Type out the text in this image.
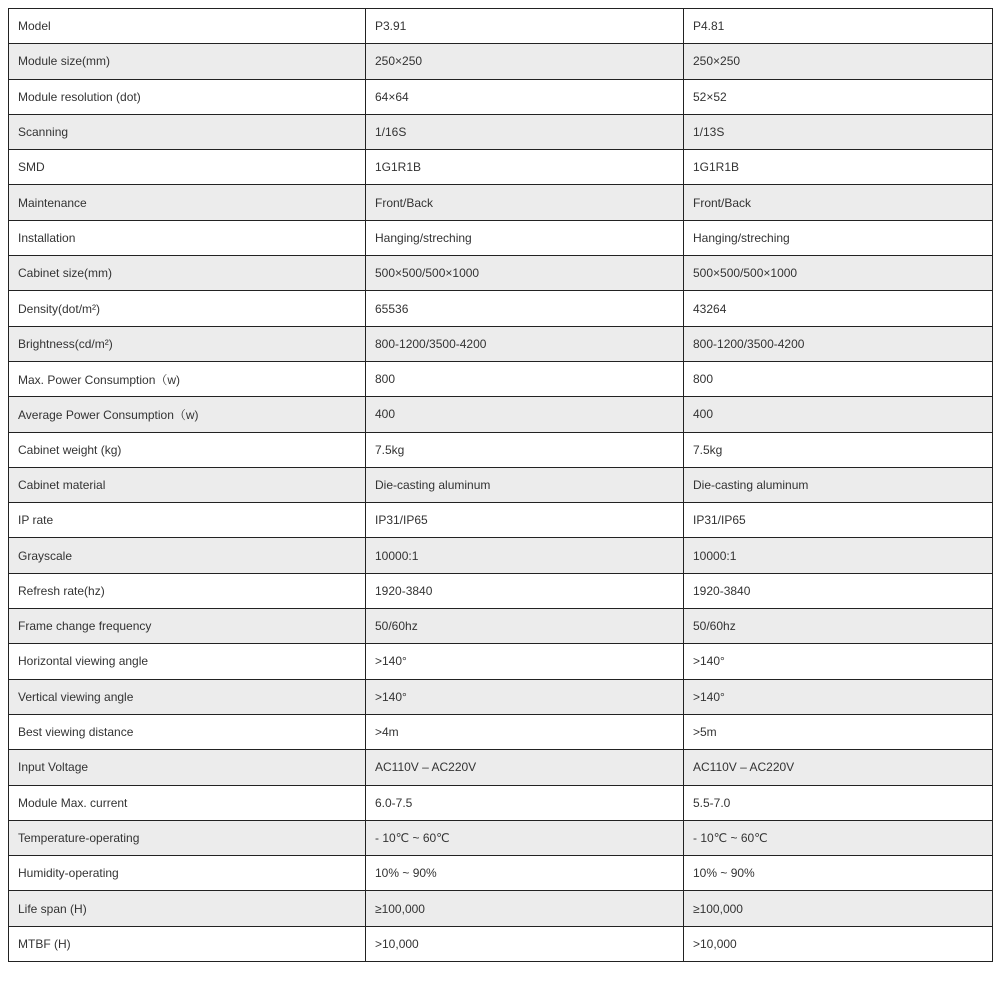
Model	P3.91	P4.81
Module size(mm)	250×250	250×250
Module resolution (dot)	64×64	52×52
Scanning	1/16S	1/13S
SMD	1G1R1B	1G1R1B
Maintenance	Front/Back	Front/Back
Installation	Hanging/streching	Hanging/streching
Cabinet size(mm)	500×500/500×1000	500×500/500×1000
Density(dot/m²)	65536	43264
Brightness(cd/m²)	800-1200/3500-4200	800-1200/3500-4200
Max. Power Consumption（w)	800	800
Average Power Consumption（w)	400	400
Cabinet weight (kg)	7.5kg	7.5kg
Cabinet material	Die-casting aluminum	Die-casting aluminum
IP rate	IP31/IP65	IP31/IP65
Grayscale	10000:1	10000:1
Refresh rate(hz)	1920-3840	1920-3840
Frame change frequency	50/60hz	50/60hz
Horizontal viewing angle	>140°	>140°
Vertical viewing angle	>140°	>140°
Best viewing distance	>4m	>5m
Input Voltage	AC110V – AC220V	AC110V – AC220V
Module Max. current	6.0-7.5	5.5-7.0
Temperature-operating	- 10℃ ~ 60℃	- 10℃ ~ 60℃
Humidity-operating	10% ~ 90%	10% ~ 90%
Life span (H)	≥100,000	≥100,000
MTBF (H)	>10,000	>10,000
